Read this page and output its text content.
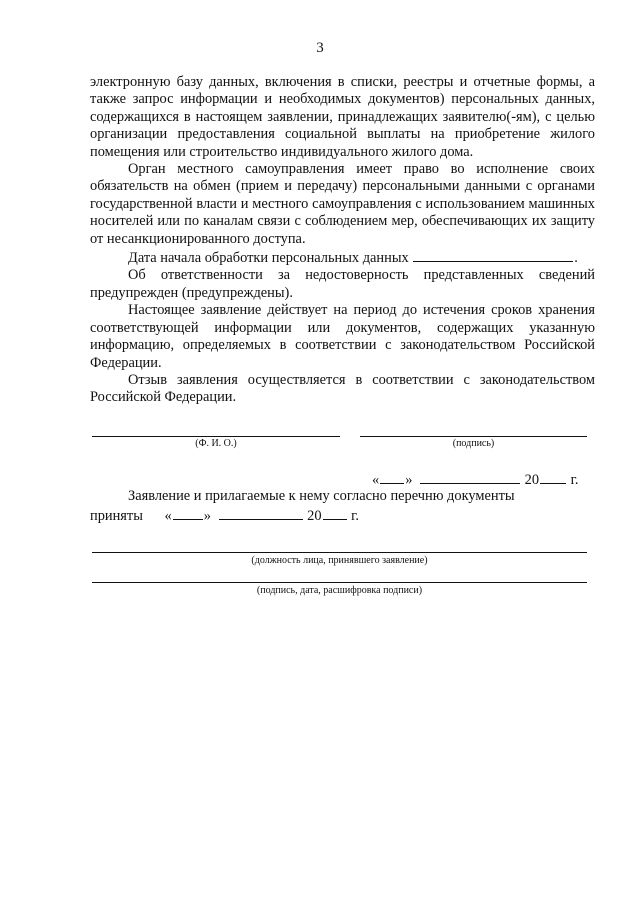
3

электронную базу данных, включения в списки, реестры и отчетные формы, а также запрос информации и необходимых документов) персональных данных, содержащихся в настоящем заявлении, принадлежащих заявителю(-ям), с целью организации предоставления социальной выплаты на приобретение жилого помещения или строительство индивидуального жилого дома.

Орган местного самоуправления имеет право во исполнение своих обязательств на обмен (прием и передачу) персональными данными с органами государственной власти и местного самоуправления с использованием машинных носителей или по каналам связи с соблюдением мер, обеспечивающих их защиту от несанкционированного доступа.

Дата начала обработки персональных данных	.

Об ответственности за недостоверность представленных сведений предупрежден (предупреждены).

Настоящее заявление действует на период до истечения сроков хранения соответствующей информации или документов, содержащих указанную информацию, определяемых в соответствии с законодательством Российской Федерации.

Отзыв заявления осуществляется в соответствии с законодательством Российской Федерации.

(Ф. И. О.)	(подпись)
« »	20 г.

Заявление и прилагаемые к нему согласно перечню документы

приняты « »	20 г.

(должность лица, принявшего заявление)
(подпись, дата, расшифровка подписи)
